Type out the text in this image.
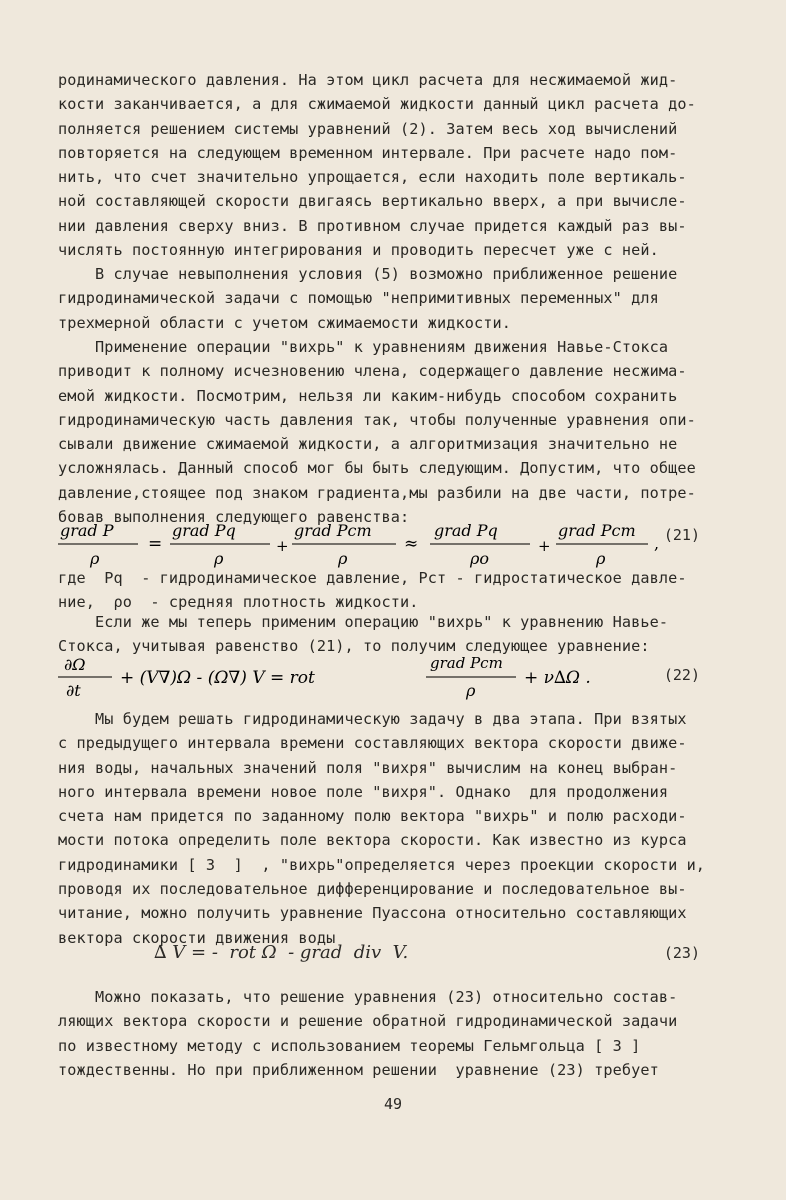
родинамического давления. На этом цикл расчета для несжимаемой жид-
кости заканчивается, а для сжимаемой жидкости данный цикл расчета до-
полняется решением системы уравнений (2). Затем весь ход вычислений
повторяется на следующем временном интервале. При расчете надо пом-
нить, что счет значительно упрощается, если находить поле вертикаль-
ной составляющей скорости двигаясь вертикально вверх, а при вычисле-
нии давления сверху вниз. В противном случае придется каждый раз вы-
числять постоянную интегрирования и проводить пересчет уже с ней.
В случае невыполнения условия (5) возможно приближенное решение
гидродинамической задачи с помощью "непримитивных переменных" для
трехмерной области с учетом сжимаемости жидкости.
Применение операции "вихрь" к уравнениям движения Навье-Стокса
приводит к полному исчезновению члена, содержащего давление несжима-
емой жидкости. Посмотрим, нельзя ли каким-нибудь способом сохранить
гидродинамическую часть давления так, чтобы полученные уравнения опи-
сывали движение сжимаемой жидкости, а алгоритмизация значительно не
усложнялась. Данный способ мог бы быть следующим. Допустим, что общее
давление,стоящее под знаком градиента,мы разбили на две части, потре-
бовав выполнения следующего равенства:
grad P
ρ
=
grad Pq
ρ
+
grad Pст
ρ
≈
grad Pq
ρo
+
grad Pст
ρ
, (21)
где  Pq  - гидродинамическое давление, Pст - гидростатическое давле-
ние,  ρo  - средняя плотность жидкости.
Если же мы теперь применим операцию "вихрь" к уравнению Навье-
Стокса, учитывая равенство (21), то получим следующее уравнение:
∂Ω
∂t
+ (V∇)Ω - (Ω∇) V = rot
grad Pст
ρ
+ ν∆Ω .	(22)
Мы будем решать гидродинамическую задачу в два этапа. При взятых
с предыдущего интервала времени составляющих вектора скорости движе-
ния воды, начальных значений поля "вихря" вычислим на конец выбран-
ного интервала времени новое поле "вихря". Однако  для продолжения
счета нам придется по заданному полю вектора "вихрь" и полю расходи-
мости потока определить поле вектора скорости. Как известно из курса
гидродинамики [ 3  ]  , "вихрь"определяется через проекции скорости и,
проводя их последовательное дифференцирование и последовательное вы-
читание, можно получить уравнение Пуассона относительно составляющих
вектора скорости движения воды
∆ V = -  rot Ω  - grad  div  V.	(23)
Можно показать, что решение уравнения (23) относительно состав-
ляющих вектора скорости и решение обратной гидродинамической задачи
по известному методу с использованием теоремы Гельмгольца [ 3 ]
тождественны. Но при приближенном решении  уравнение (23) требует
49
